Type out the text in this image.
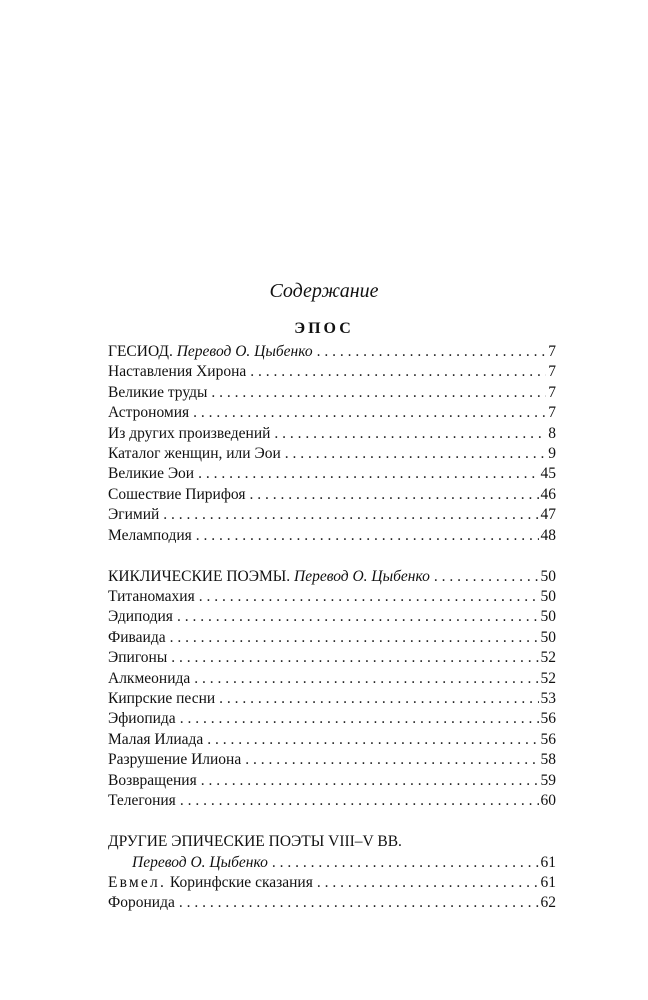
Содержание
ЭПОС
ГЕСИОД. Перевод О. Цыбенко . . .	7
Наставления Хирона . . .	7
Великие труды . . .	7
Астрономия . . .	7
Из других произведений . . .	8
Каталог женщин, или Эои . . .	9
Великие Эои . . .	45
Сошествие Пирифоя . . .	46
Эгимий . . .	47
Меламподия . . .	48
КИКЛИЧЕСКИЕ ПОЭМЫ. Перевод О. Цыбенко . . .	50
Титаномахия . . .	50
Эдиподия . . .	50
Фиваида . . .	50
Эпигоны . . .	52
Алкмеонида . . .	52
Кипрские песни . . .	53
Эфиопида . . .	56
Малая Илиада . . .	56
Разрушение Илиона . . .	58
Возвращения . . .	59
Телегония . . .	60
ДРУГИЕ ЭПИЧЕСКИЕ ПОЭТЫ VIII–V ВВ.
Перевод О. Цыбенко . . .	61
Евмел. Коринфские сказания . . .	61
Форонида . . .	62
